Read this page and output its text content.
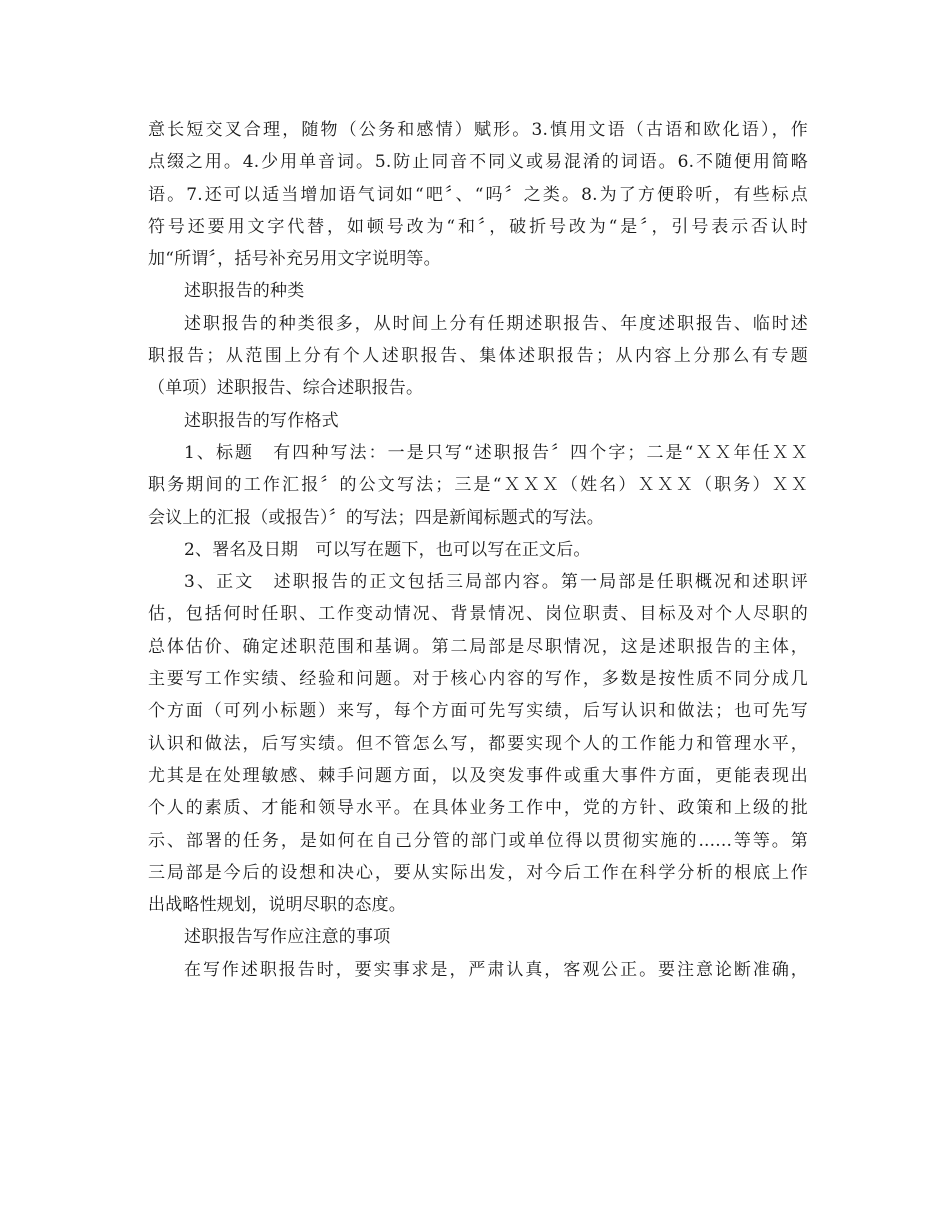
意长短交叉合理，随物（公务和感情）赋形。3.慎用文语（古语和欧化语），作
点缀之用。4.少用单音词。5.防止同音不同义或易混淆的词语。6.不随便用简略
语。7.还可以适当增加语气词如“吧〞、“吗〞之类。8.为了方便聆听，有些标点
符号还要用文字代替，如顿号改为“和〞，破折号改为“是〞，引号表示否认时
加“所谓〞，括号补充另用文字说明等。
述职报告的种类
述职报告的种类很多，从时间上分有任期述职报告、年度述职报告、临时述
职报告；从范围上分有个人述职报告、集体述职报告；从内容上分那么有专题
（单项）述职报告、综合述职报告。
述职报告的写作格式
1、标题　有四种写法：一是只写“述职报告〞四个字；二是“ＸＸ年任ＸＸ
职务期间的工作汇报〞的公文写法；三是“ＸＸＸ（姓名）ＸＸＸ（职务）ＸＸ
会议上的汇报（或报告）〞的写法；四是新闻标题式的写法。
2、署名及日期　可以写在题下，也可以写在正文后。
3、正文　述职报告的正文包括三局部内容。第一局部是任职概况和述职评
估，包括何时任职、工作变动情况、背景情况、岗位职责、目标及对个人尽职的
总体估价、确定述职范围和基调。第二局部是尽职情况，这是述职报告的主体，
主要写工作实绩、经验和问题。对于核心内容的写作，多数是按性质不同分成几
个方面（可列小标题）来写，每个方面可先写实绩，后写认识和做法；也可先写
认识和做法，后写实绩。但不管怎么写，都要实现个人的工作能力和管理水平，
尤其是在处理敏感、棘手问题方面，以及突发事件或重大事件方面，更能表现出
个人的素质、才能和领导水平。在具体业务工作中，党的方针、政策和上级的批
示、部署的任务，是如何在自己分管的部门或单位得以贯彻实施的......等等。第
三局部是今后的设想和决心，要从实际出发，对今后工作在科学分析的根底上作
出战略性规划，说明尽职的态度。
述职报告写作应注意的事项
在写作述职报告时，要实事求是，严肃认真，客观公正。要注意论断准确，
